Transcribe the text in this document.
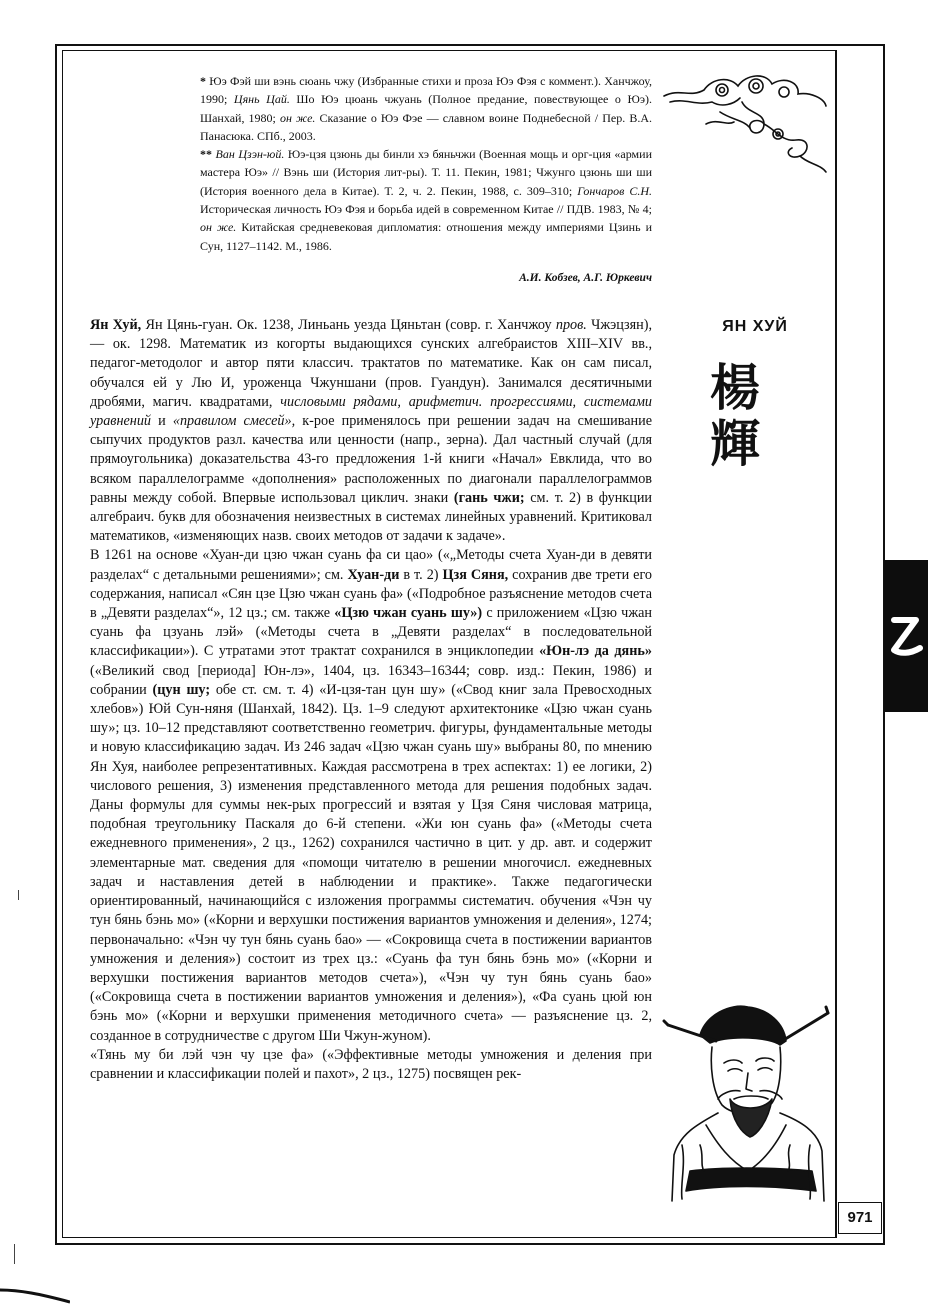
* Юэ Фэй ши вэнь сюань чжу (Избранные стихи и проза Юэ Фэя с коммент.). Ханчжоу, 1990; Цянь Цай. Шо Юэ цюань чжуань (Полное предание, повествующее о Юэ). Шанхай, 1980; он же. Сказание о Юэ Фэе — славном воине Поднебесной / Пер. В.А. Панасюка. СПб., 2003.

** Ван Цзэн-юй. Юэ-цзя цзюнь ды бинли хэ бяньчжи (Военная мощь и орг-ция «армии мастера Юэ» // Вэнь ши (История лит-ры). Т. 11. Пекин, 1981; Чжунго цзюнь ши ши (История военного дела в Китае). Т. 2, ч. 2. Пекин, 1988, с. 309–310; Гончаров С.Н. Историческая личность Юэ Фэя и борьба идей в современном Китае // ПДВ. 1983, № 4; он же. Китайская средневековая дипломатия: отношения между империями Цзинь и Сун, 1127–1142. М., 1986.

А.И. Кобзев, А.Г. Юркевич

Ян Хуй, Ян Цянь-гуан. Ок. 1238, Линьань уезда Цяньтан (совр. г. Ханчжоу пров. Чжэцзян), — ок. 1298. Математик из когорты выдающихся сунских алгебраистов XIII–XIV вв., педагог-методолог и автор пяти классич. трактатов по математике. Как он сам писал, обучался ей у Лю И, уроженца Чжуншани (пров. Гуандун). Занимался десятичными дробями, магич. квадратами, числовыми рядами, арифметич. прогрессиями, системами уравнений и «правилом смесей», к-рое применялось при решении задач на смешивание сыпучих продуктов разл. качества или ценности (напр., зерна). Дал частный случай (для прямоугольника) доказательства 43-го предложения 1-й книги «Начал» Евклида, что во всяком параллелограмме «дополнения» расположенных по диагонали параллелограммов равны между собой. Впервые использовал циклич. знаки (гань чжи; см. т. 2) в функции алгебраич. букв для обозначения неизвестных в системах линейных уравнений. Критиковал математиков, «изменяющих назв. своих методов от задачи к задаче».

В 1261 на основе «Хуан-ди цзю чжан суань фа си цао» («„Методы счета Хуан-ди в девяти разделах“ с детальными решениями»; см. Хуан-ди в т. 2) Цзя Сяня, сохранив две трети его содержания, написал «Сян цзе Цзю чжан суань фа» («Подробное разъяснение методов счета в „Девяти разделах“», 12 цз.; см. также «Цзю чжан суань шу») с приложением «Цзю чжан суань фа цзуань лэй» («Методы счета в „Девяти разделах“ в последовательной классификации»). С утратами этот трактат сохранился в энциклопедии «Юн-лэ да дянь» («Великий свод [периода] Юн-лэ», 1404, цз. 16343–16344; совр. изд.: Пекин, 1986) и собрании (цун шу; обе ст. см. т. 4) «И-цзя-тан цун шу» («Свод книг зала Превосходных хлебов») Юй Сун-няня (Шанхай, 1842). Цз. 1–9 следуют архитектонике «Цзю чжан суань шу»; цз. 10–12 представляют соответственно геометрич. фигуры, фундаментальные методы и новую классификацию задач. Из 246 задач «Цзю чжан суань шу» выбраны 80, по мнению Ян Хуя, наиболее репрезентативных. Каждая рассмотрена в трех аспектах: 1) ее логики, 2) числового решения, 3) изменения представленного метода для решения подобных задач. Даны формулы для суммы нек-рых прогрессий и взятая у Цзя Сяня числовая матрица, подобная треугольнику Паскаля до 6-й степени. «Жи юн суань фа» («Методы счета ежедневного применения», 2 цз., 1262) сохранился частично в цит. у др. авт. и содержит элементарные мат. сведения для «помощи читателю в решении многочисл. ежедневных задач и наставления детей в наблюдении и практике». Также педагогически ориентированный, начинающийся с изложения программы систематич. обучения «Чэн чу тун бянь бэнь мо» («Корни и верхушки постижения вариантов умножения и деления», 1274; первоначально: «Чэн чу тун бянь суань бао» — «Сокровища счета в постижении вариантов умножения и деления») состоит из трех цз.: «Суань фа тун бянь бэнь мо» («Корни и верхушки постижения вариантов методов счета»), «Чэн чу тун бянь суань бао» («Сокровища счета в постижении вариантов умножения и деления»), «Фа суань цюй юн бэнь мо» («Корни и верхушки применения методичного счета» — разъяснение цз. 2, созданное в сотрудничестве с другом Ши Чжун-жуном).

«Тянь му би лэй чэн чу цзе фа» («Эффективные методы умножения и деления при сравнении и классификации полей и пахот», 2 цз., 1275) посвящен рек-

ЯН ХУЙ
楊
輝
971
